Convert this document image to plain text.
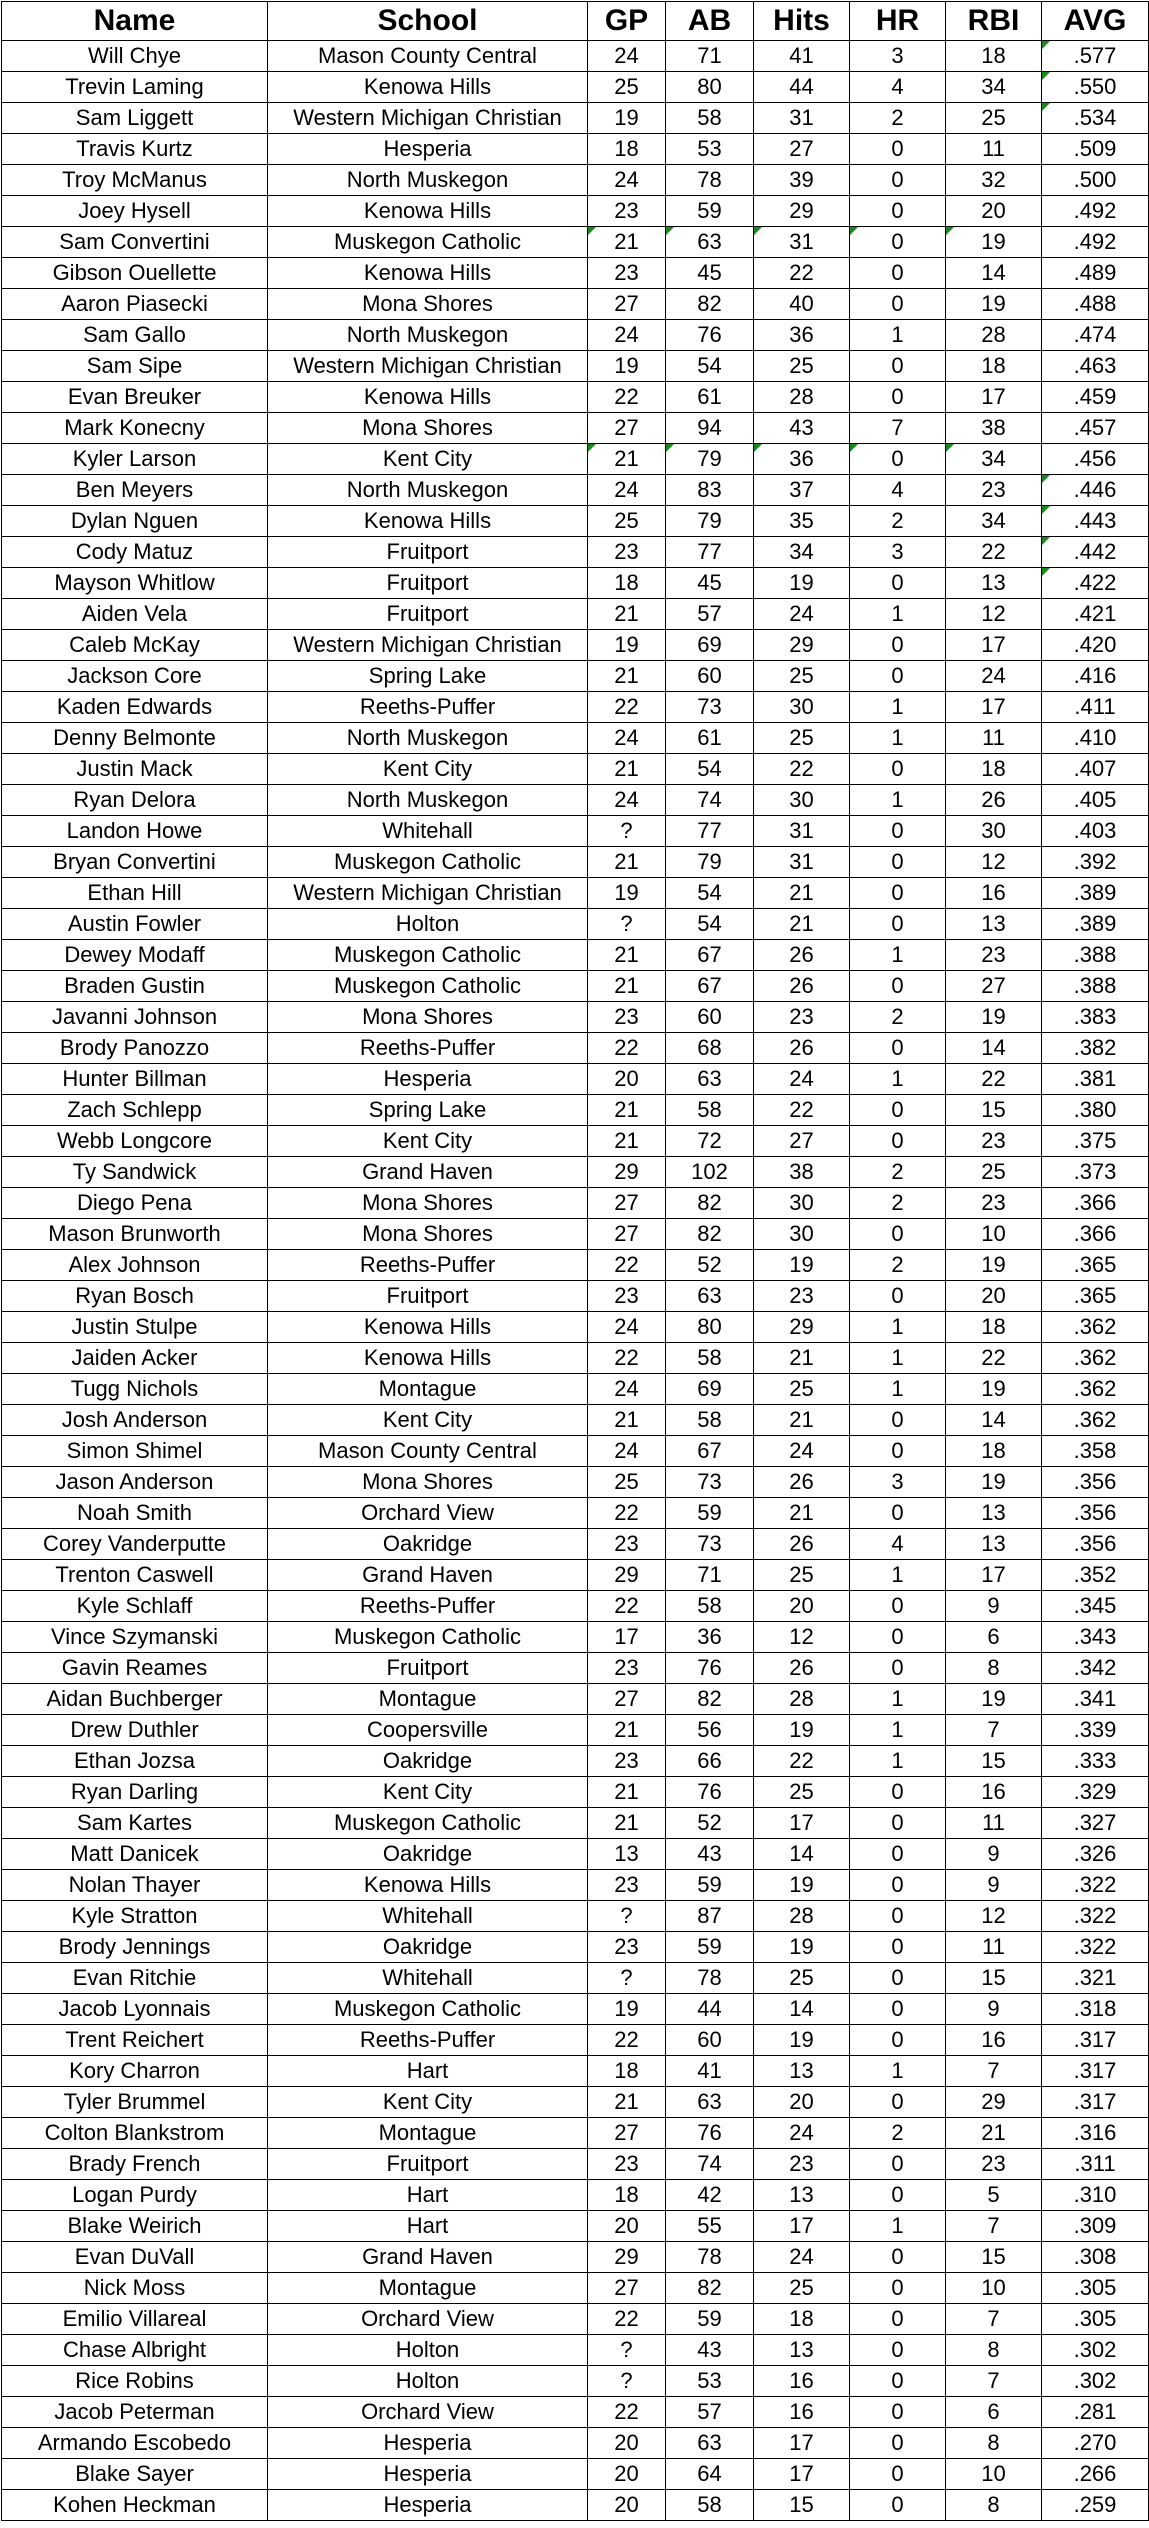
Name	School	GP	AB	Hits	HR	RBI	AVG
Will Chye	Mason County Central	24	71	41	3	18	.577
Trevin Laming	Kenowa Hills	25	80	44	4	34	.550
Sam Liggett	Western Michigan Christian	19	58	31	2	25	.534
Travis Kurtz	Hesperia	18	53	27	0	11	.509
Troy McManus	North Muskegon	24	78	39	0	32	.500
Joey Hysell	Kenowa Hills	23	59	29	0	20	.492
Sam Convertini	Muskegon Catholic	21	63	31	0	19	.492
Gibson Ouellette	Kenowa Hills	23	45	22	0	14	.489
Aaron Piasecki	Mona Shores	27	82	40	0	19	.488
Sam Gallo	North Muskegon	24	76	36	1	28	.474
Sam Sipe	Western Michigan Christian	19	54	25	0	18	.463
Evan Breuker	Kenowa Hills	22	61	28	0	17	.459
Mark Konecny	Mona Shores	27	94	43	7	38	.457
Kyler Larson	Kent City	21	79	36	0	34	.456
Ben Meyers	North Muskegon	24	83	37	4	23	.446
Dylan Nguen	Kenowa Hills	25	79	35	2	34	.443
Cody Matuz	Fruitport	23	77	34	3	22	.442
Mayson Whitlow	Fruitport	18	45	19	0	13	.422
Aiden Vela	Fruitport	21	57	24	1	12	.421
Caleb McKay	Western Michigan Christian	19	69	29	0	17	.420
Jackson Core	Spring Lake	21	60	25	0	24	.416
Kaden Edwards	Reeths-Puffer	22	73	30	1	17	.411
Denny Belmonte	North Muskegon	24	61	25	1	11	.410
Justin Mack	Kent City	21	54	22	0	18	.407
Ryan Delora	North Muskegon	24	74	30	1	26	.405
Landon Howe	Whitehall	?	77	31	0	30	.403
Bryan Convertini	Muskegon Catholic	21	79	31	0	12	.392
Ethan Hill	Western Michigan Christian	19	54	21	0	16	.389
Austin Fowler	Holton	?	54	21	0	13	.389
Dewey Modaff	Muskegon Catholic	21	67	26	1	23	.388
Braden Gustin	Muskegon Catholic	21	67	26	0	27	.388
Javanni Johnson	Mona Shores	23	60	23	2	19	.383
Brody Panozzo	Reeths-Puffer	22	68	26	0	14	.382
Hunter Billman	Hesperia	20	63	24	1	22	.381
Zach Schlepp	Spring Lake	21	58	22	0	15	.380
Webb Longcore	Kent City	21	72	27	0	23	.375
Ty Sandwick	Grand Haven	29	102	38	2	25	.373
Diego Pena	Mona Shores	27	82	30	2	23	.366
Mason Brunworth	Mona Shores	27	82	30	0	10	.366
Alex Johnson	Reeths-Puffer	22	52	19	2	19	.365
Ryan Bosch	Fruitport	23	63	23	0	20	.365
Justin Stulpe	Kenowa Hills	24	80	29	1	18	.362
Jaiden Acker	Kenowa Hills	22	58	21	1	22	.362
Tugg Nichols	Montague	24	69	25	1	19	.362
Josh Anderson	Kent City	21	58	21	0	14	.362
Simon Shimel	Mason County Central	24	67	24	0	18	.358
Jason Anderson	Mona Shores	25	73	26	3	19	.356
Noah Smith	Orchard View	22	59	21	0	13	.356
Corey Vanderputte	Oakridge	23	73	26	4	13	.356
Trenton Caswell	Grand Haven	29	71	25	1	17	.352
Kyle Schlaff	Reeths-Puffer	22	58	20	0	9	.345
Vince Szymanski	Muskegon Catholic	17	36	12	0	6	.343
Gavin Reames	Fruitport	23	76	26	0	8	.342
Aidan Buchberger	Montague	27	82	28	1	19	.341
Drew Duthler	Coopersville	21	56	19	1	7	.339
Ethan Jozsa	Oakridge	23	66	22	1	15	.333
Ryan Darling	Kent City	21	76	25	0	16	.329
Sam Kartes	Muskegon Catholic	21	52	17	0	11	.327
Matt Danicek	Oakridge	13	43	14	0	9	.326
Nolan Thayer	Kenowa Hills	23	59	19	0	9	.322
Kyle Stratton	Whitehall	?	87	28	0	12	.322
Brody Jennings	Oakridge	23	59	19	0	11	.322
Evan Ritchie	Whitehall	?	78	25	0	15	.321
Jacob Lyonnais	Muskegon Catholic	19	44	14	0	9	.318
Trent Reichert	Reeths-Puffer	22	60	19	0	16	.317
Kory Charron	Hart	18	41	13	1	7	.317
Tyler Brummel	Kent City	21	63	20	0	29	.317
Colton Blankstrom	Montague	27	76	24	2	21	.316
Brady French	Fruitport	23	74	23	0	23	.311
Logan Purdy	Hart	18	42	13	0	5	.310
Blake Weirich	Hart	20	55	17	1	7	.309
Evan DuVall	Grand Haven	29	78	24	0	15	.308
Nick Moss	Montague	27	82	25	0	10	.305
Emilio Villareal	Orchard View	22	59	18	0	7	.305
Chase Albright	Holton	?	43	13	0	8	.302
Rice Robins	Holton	?	53	16	0	7	.302
Jacob Peterman	Orchard View	22	57	16	0	6	.281
Armando Escobedo	Hesperia	20	63	17	0	8	.270
Blake Sayer	Hesperia	20	64	17	0	10	.266
Kohen Heckman	Hesperia	20	58	15	0	8	.259
